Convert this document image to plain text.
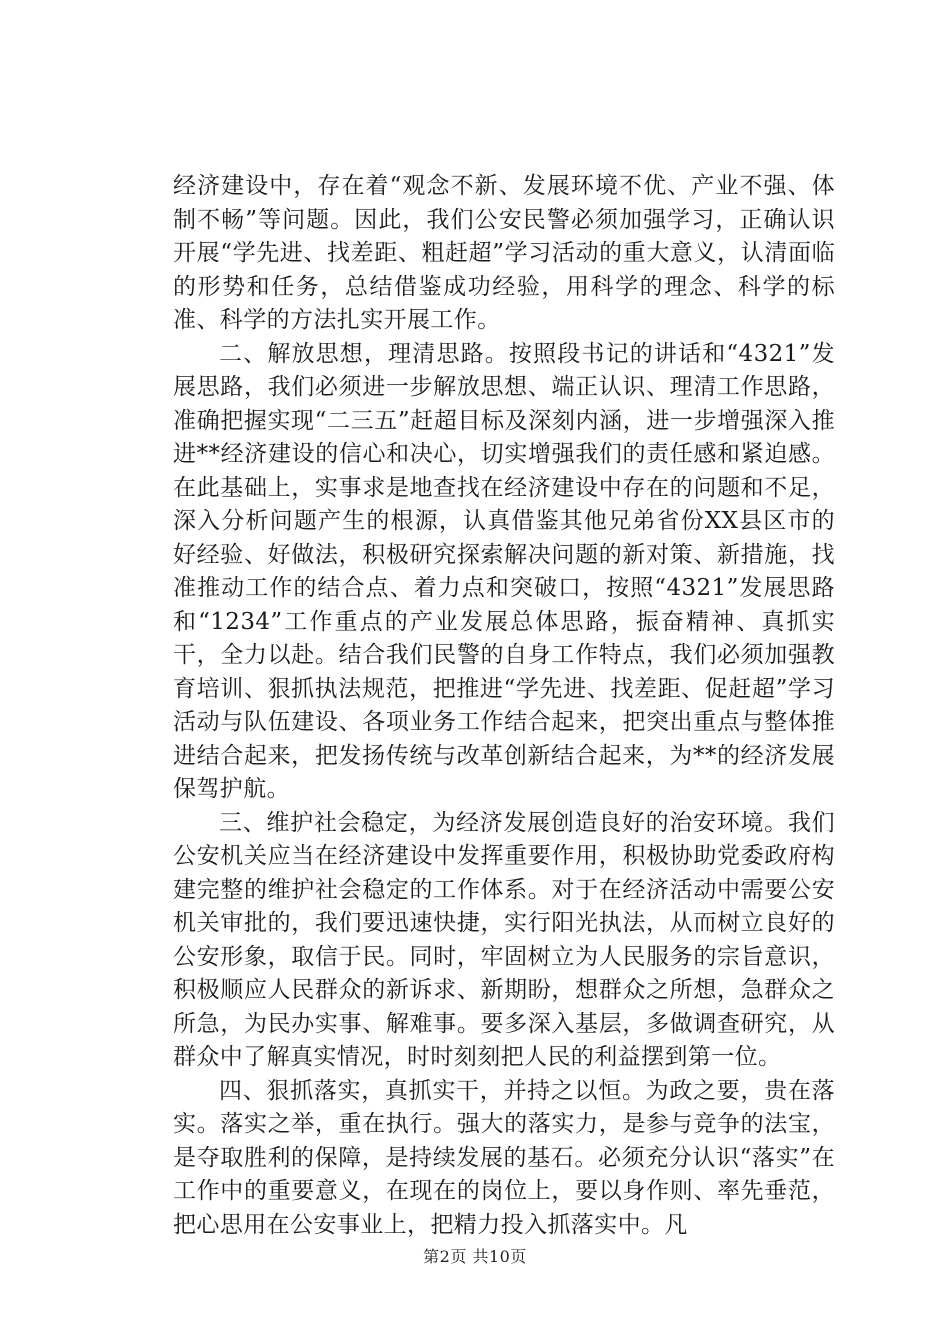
经济建设中，存在着“观念不新、发展环境不优、产业不强、体制不畅”等问题。因此，我们公安民警必须加强学习，正确认识开展“学先进、找差距、粗赶超”学习活动的重大意义，认清面临的形势和任务，总结借鉴成功经验，用科学的理念、科学的标准、科学的方法扎实开展工作。

二、解放思想，理清思路。按照段书记的讲话和“4321”发展思路，我们必须进一步解放思想、端正认识、理清工作思路，准确把握实现“二三五”赶超目标及深刻内涵，进一步增强深入推进**经济建设的信心和决心，切实增强我们的责任感和紧迫感。在此基础上，实事求是地查找在经济建设中存在的问题和不足，深入分析问题产生的根源，认真借鉴其他兄弟省份XX县区市的好经验、好做法，积极研究探索解决问题的新对策、新措施，找准推动工作的结合点、着力点和突破口，按照“4321”发展思路和“1234”工作重点的产业发展总体思路，振奋精神、真抓实干，全力以赴。结合我们民警的自身工作特点，我们必须加强教育培训、狠抓执法规范，把推进“学先进、找差距、促赶超”学习活动与队伍建设、各项业务工作结合起来，把突出重点与整体推进结合起来，把发扬传统与改革创新结合起来，为**的经济发展保驾护航。

三、维护社会稳定，为经济发展创造良好的治安环境。我们公安机关应当在经济建设中发挥重要作用，积极协助党委政府构建完整的维护社会稳定的工作体系。对于在经济活动中需要公安机关审批的，我们要迅速快捷，实行阳光执法，从而树立良好的公安形象，取信于民。同时，牢固树立为人民服务的宗旨意识，积极顺应人民群众的新诉求、新期盼，想群众之所想，急群众之所急，为民办实事、解难事。要多深入基层，多做调查研究，从群众中了解真实情况，时时刻刻把人民的利益摆到第一位。

四、狠抓落实，真抓实干，并持之以恒。为政之要，贵在落实。落实之举，重在执行。强大的落实力，是参与竞争的法宝，是夺取胜利的保障，是持续发展的基石。必须充分认识“落实”在工作中的重要意义，在现在的岗位上，要以身作则、率先垂范，把心思用在公安事业上，把精力投入抓落实中。凡

第2页 共10页
